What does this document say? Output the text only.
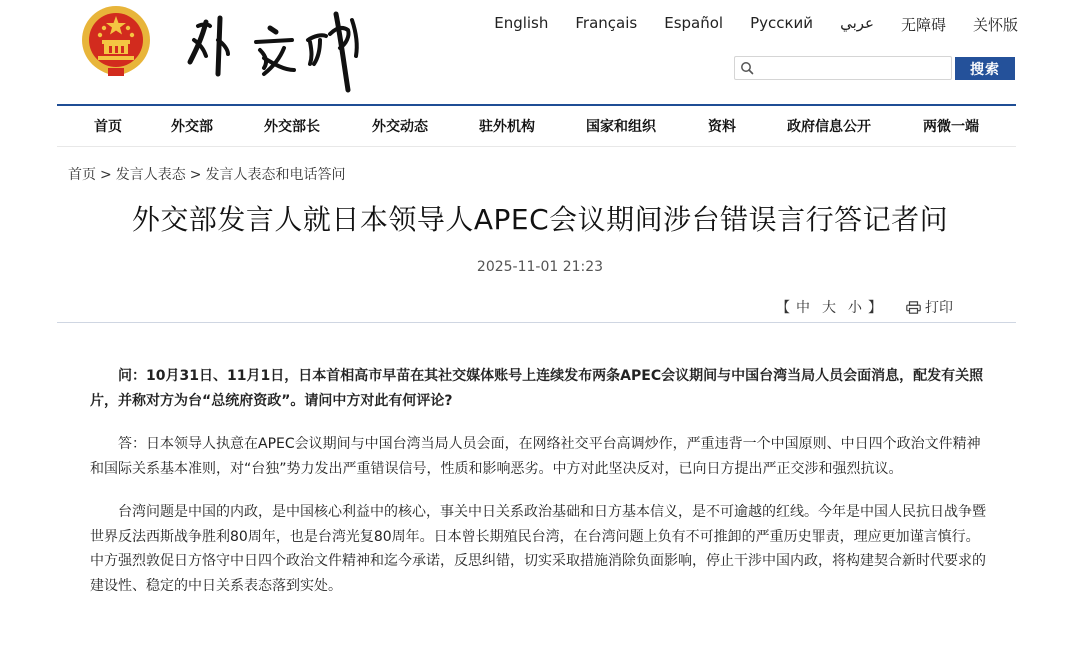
English Français Español Русский عربي 无障碍 关怀版
搜索
首页	外交部	外交部长	外交动态	驻外机构	国家和组织	资料	政府信息公开	两微一端
首页 > 发言人表态 > 发言人表态和电话答问
外交部发言人就日本领导人APEC会议期间涉台错误言行答记者问
2025-11-01 21:23
【 中 大 小 】	打印

问：10月31日、11月1日，日本首相高市早苗在其社交媒体账号上连续发布两条APEC会议期间与中国台湾当局人员会面消息，配发有关照片，并称对方为台“总统府资政”。请问中方对此有何评论?

答：日本领导人执意在APEC会议期间与中国台湾当局人员会面，在网络社交平台高调炒作，严重违背一个中国原则、中日四个政治文件精神和国际关系基本准则，对“台独”势力发出严重错误信号，性质和影响恶劣。中方对此坚决反对，已向日方提出严正交涉和强烈抗议。

台湾问题是中国的内政，是中国核心利益中的核心，事关中日关系政治基础和日方基本信义，是不可逾越的红线。今年是中国人民抗日战争暨世界反法西斯战争胜利80周年，也是台湾光复80周年。日本曾长期殖民台湾，在台湾问题上负有不可推卸的严重历史罪责，理应更加谨言慎行。中方强烈敦促日方恪守中日四个政治文件精神和迄今承诺，反思纠错，切实采取措施消除负面影响，停止干涉中国内政，将构建契合新时代要求的建设性、稳定的中日关系表态落到实处。
